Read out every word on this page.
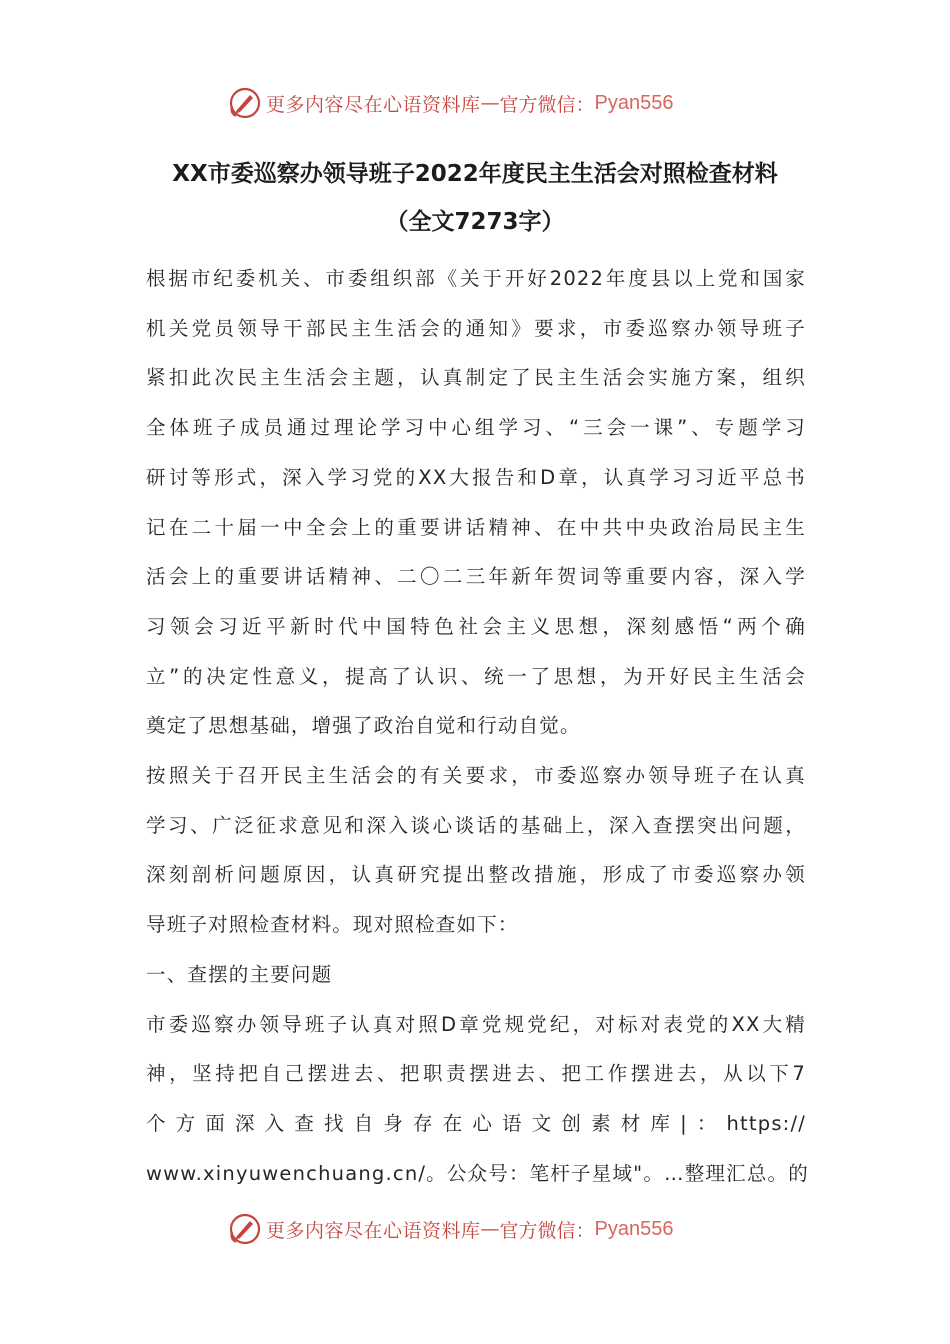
更多内容尽在心语资料库 — 官方微信： Pyan556
XX市委巡察办领导班子2022年度民主生活会对照检查材料
（全文7273字）

根据市纪委机关、市委组织部《关于开好2022年度县以上党和国家
机关党员领导干部民主生活会的通知》要求，市委巡察办领导班子
紧扣此次民主生活会主题，认真制定了民主生活会实施方案，组织
全体班子成员通过理论学习中心组学习、“三会一课”、专题学习
研讨等形式，深入学习党的XX大报告和D章，认真学习习近平总书
记在二十届一中全会上的重要讲话精神、在中共中央政治局民主生
活会上的重要讲话精神、二〇二三年新年贺词等重要内容，深入学
习领会习近平新时代中国特色社会主义思想，深刻感悟“两个确
立”的决定性意义，提高了认识、统一了思想，为开好民主生活会
奠定了思想基础，增强了政治自觉和行动自觉。

按照关于召开民主生活会的有关要求，市委巡察办领导班子在认真
学习、广泛征求意见和深入谈心谈话的基础上，深入查摆突出问题，
深刻剖析问题原因，认真研究提出整改措施，形成了市委巡察办领
导班子对照检查材料。现对照检查如下：

一、查摆的主要问题

市委巡察办领导班子认真对照D章党规党纪，对标对表党的XX大精
神，坚持把自己摆进去、把职责摆进去、把工作摆进去，从以下7
个方面深入查找自身存在心语文创素材库|：https://
www.xinyuwenchuang.cn/。公众号：笔杆子星域"。…整理汇总。的

更多内容尽在心语资料库 — 官方微信： Pyan556
